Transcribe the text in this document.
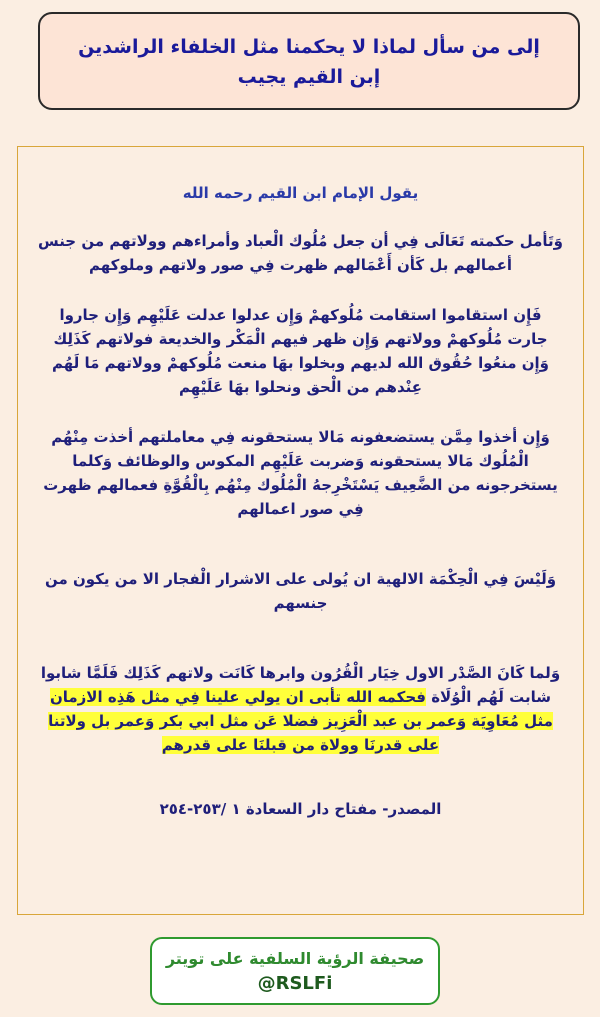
إلى من سأل لماذا لا يحكمنا مثل الخلفاء الراشدين
إبن القيم يجيب

يقول الإمام ابن القيم رحمه الله

وَتَأمل حكمته تَعَالَى فِي أن جعل مُلُوك الْعباد وأمراءهم وولاتهم من جنس أعمالهم بل كَأن أَعْمَالهم ظهرت فِي صور ولاتهم وملوكهم

فَإِن استقاموا استقامت مُلُوكهمْ وَإِن عدلوا عدلت عَلَيْهِم وَإِن جاروا جارت مُلُوكهمْ وولاتهم وَإِن ظهر فيهم الْمَكْر والخديعة فولاتهم كَذَلِك وَإِن منعُوا حُقُوق الله لديهم وبخلوا بهَا منعت مُلُوكهمْ وولاتهم مَا لَهُم عِنْدهم من الْحق ونحلوا بهَا عَلَيْهِم

وَإِن أخذوا مِمَّن يستضعفونه مَالا يستحقونه فِي معاملتهم أخذت مِنْهُم الْمُلُوك مَالا يستحقونه وَضربت عَلَيْهِم المكوس والوظائف وَكلما يستخرجونه من الضَّعِيف يَسْتَخْرِجهُ الْمُلُوك مِنْهُم بِالْقُوَّةِ فعمالهم ظهرت فِي صور اعمالهم

وَلَيْسَ فِي الْحِكْمَة الالهية ان يُولى على الاشرار الْفجار الا من يكون من جنسهم

وَلما كَانَ الصَّدْر الاول خِيَار الْقُرُون وابرها كَانَت ولاتهم كَذَلِك فَلَمَّا شابوا شابت لَهُم الْوُلَاة فحكمه الله تأبى ان يولي علينا فِي مثل هَذِه الازمان مثل مُعَاوِيَة وَعمر بن عبد الْعَزِيز فضلا عَن مثل ابي بكر وَعمر بل ولاتنا على قدرنَا وولاة من قبلنَا على قدرهم

المصدر- مفتاح دار السعادة ١ /٢٥٣-٢٥٤

صحيفة الرؤية السلفية على تويتر
@RSLFi
